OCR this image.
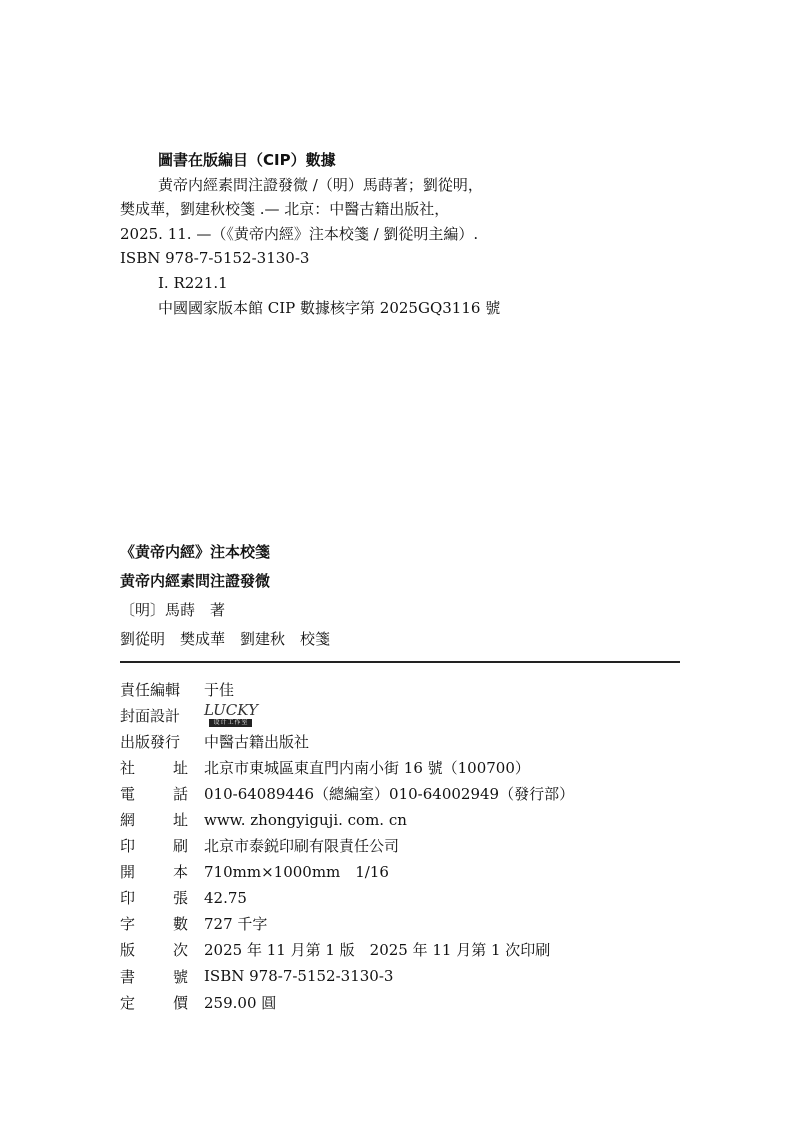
圖書在版編目（CIP）數據
黄帝内經素問注證發微 /（明）馬蒔著；劉從明，
樊成華，劉建秋校箋 .— 北京：中醫古籍出版社，
2025. 11. —（《黄帝内經》注本校箋 / 劉從明主編）.
ISBN 978-7-5152-3130-3
Ⅰ. R221.1
中國國家版本館 CIP 數據核字第 2025GQ3116 號
《黄帝内經》注本校箋
黄帝内經素問注證發微
〔明〕馬蒔　著
劉從明　樊成華　劉建秋　校箋
責任編輯	于佳
封面設計	LUCKY
设计工作室
出版發行	中醫古籍出版社
社	址 北京市東城區東直門内南小街 16 號（100700）
電	話 010-64089446（總編室）010-64002949（發行部）
網	址 www. zhongyiguji. com. cn
印	刷 北京市泰鋭印刷有限責任公司
開	本 710mm×1000mm　1/16
印	張 42.75
字	數 727 千字
版	次 2025 年 11 月第 1 版　2025 年 11 月第 1 次印刷
書	號 ISBN 978-7-5152-3130-3
定	價 259.00 圓
